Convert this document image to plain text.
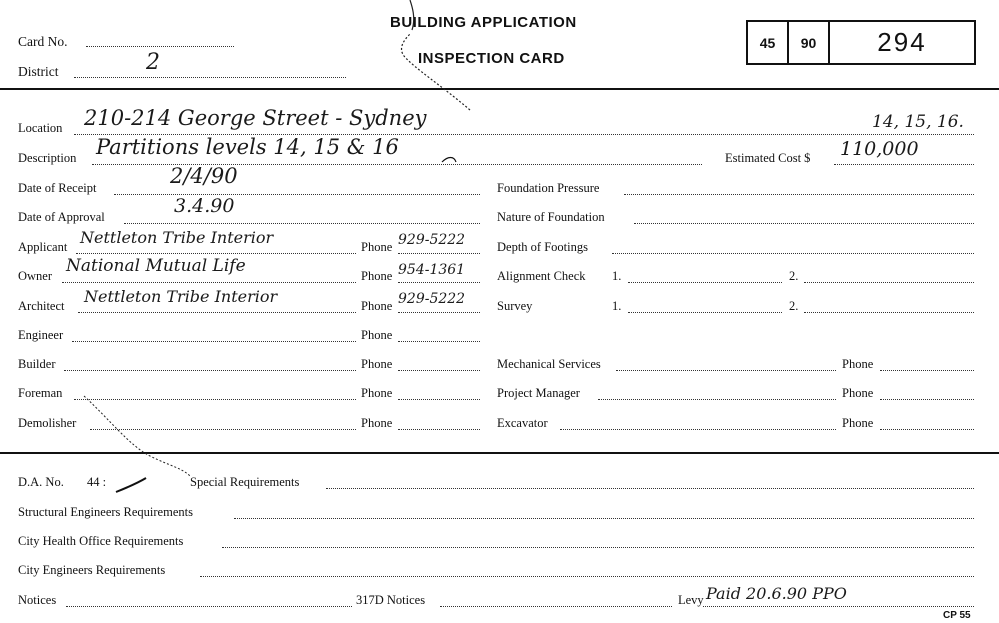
Card No.
District	2
BUILDING APPLICATION
INSPECTION CARD
45	90	294
Location 210-214 George Street - Sydney	14, 15, 16.
Description Partitions levels 14, 15 & 16	Estimated Cost $ 110,000
Date of Receipt	2/4/90
Date of Approval	3.4.90
Applicant Nettleton Tribe Interior	Phone 929-5222
Owner National Mutual Life	Phone 954-1361
Architect Nettleton Tribe Interior	Phone 929-5222
Engineer	Phone
Builder	Phone
Foreman	Phone
Demolisher	Phone
Foundation Pressure
Nature of Foundation
Depth of Footings
Alignment Check 1.	2.
Survey	1.	2.
Mechanical Services	Phone
Project Manager	Phone
Excavator	Phone
D.A. No. 44 :	Special Requirements
Structural Engineers Requirements
City Health Office Requirements
City Engineers Requirements
Notices	317D Notices	Levy Paid 20.6.90 PPO
CP 55
